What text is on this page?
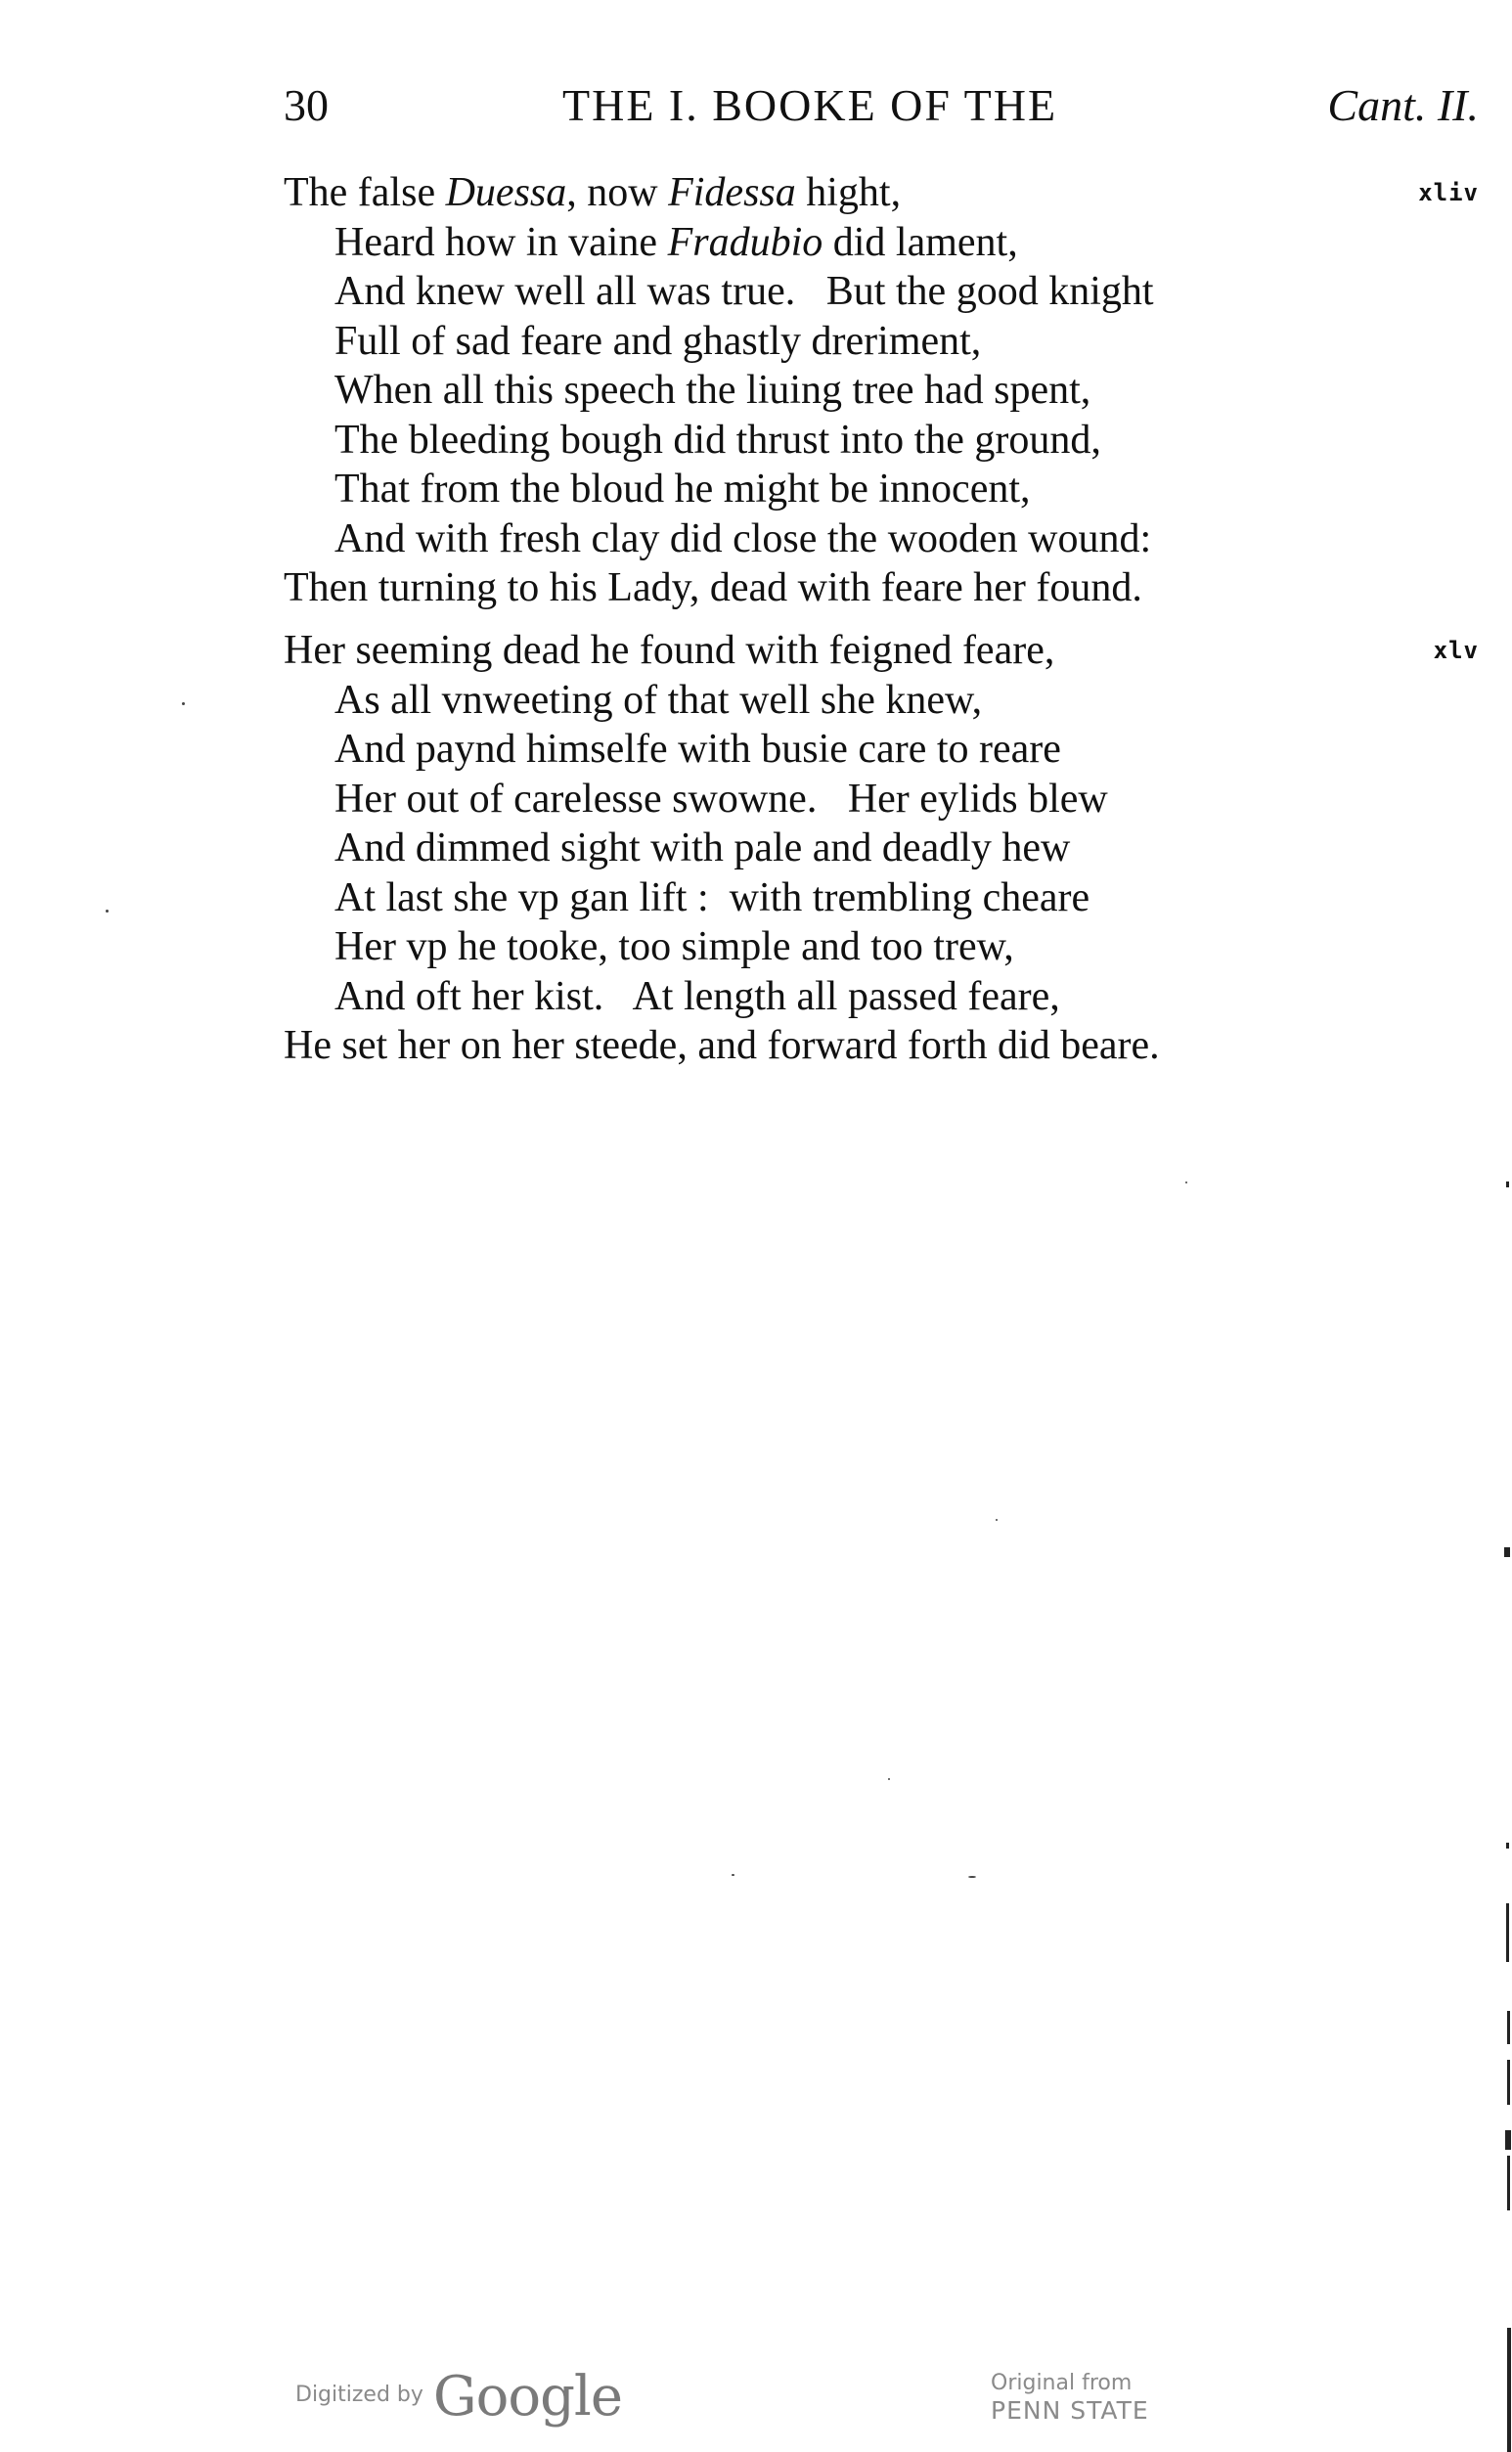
30	THE I. BOOKE OF THE	Cant. II.
The false Duessa, now Fidessa hight,	xliv
Heard how in vaine Fradubio did lament,
And knew well all was true.   But the good knight
Full of sad feare and ghastly dreriment,
When all this speech the liuing tree had spent,
The bleeding bough did thrust into the ground,
That from the bloud he might be innocent,
And with fresh clay did close the wooden wound:
Then turning to his Lady, dead with feare her found.
Her seeming dead he found with feigned feare,	xlv
As all vnweeting of that well she knew,
And paynd himselfe with busie care to reare
Her out of carelesse swowne.   Her eylids blew
And dimmed sight with pale and deadly hew
At last she vp gan lift :  with trembling cheare
Her vp he tooke, too simple and too trew,
And oft her kist.   At length all passed feare,
He set her on her steede, and forward forth did beare.
Digitized by Google	Original from
PENN STATE
